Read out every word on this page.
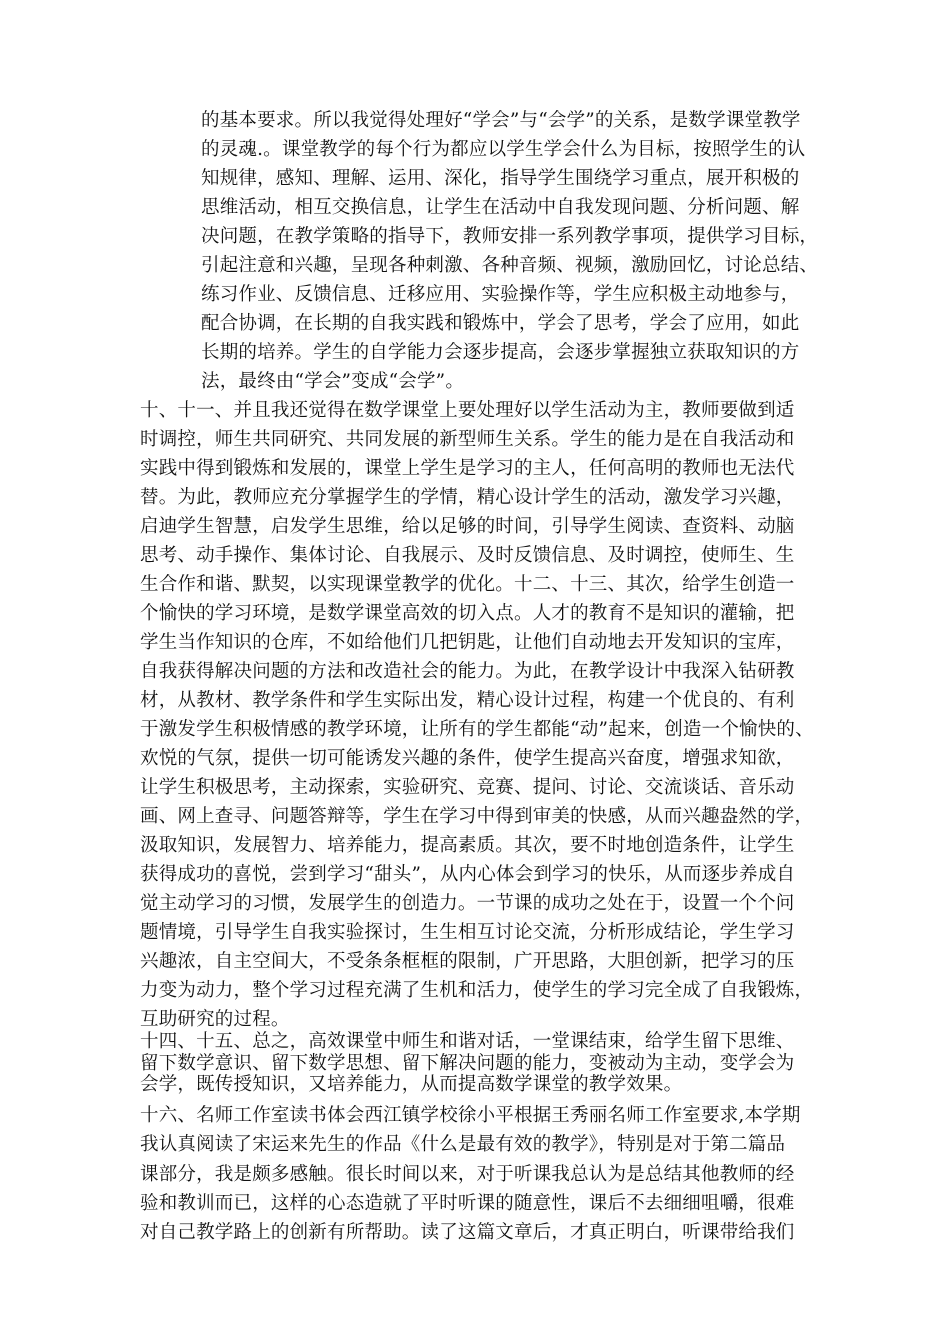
的基本要求。所以我觉得处理好“学会”与“会学”的关系，是数学课堂教学
的灵魂.。课堂教学的每个行为都应以学生学会什么为目标，按照学生的认
知规律，感知、理解、运用、深化，指导学生围绕学习重点，展开积极的
思维活动，相互交换信息，让学生在活动中自我发现问题、分析问题、解
决问题，在教学策略的指导下，教师安排一系列教学事项，提供学习目标，
引起注意和兴趣，呈现各种刺激、各种音频、视频，激励回忆，讨论总结、
练习作业、反馈信息、迁移应用、实验操作等，学生应积极主动地参与，
配合协调，在长期的自我实践和锻炼中，学会了思考，学会了应用，如此
长期的培养。学生的自学能力会逐步提高，会逐步掌握独立获取知识的方
法，最终由“学会”变成“会学”。
十、十一、并且我还觉得在数学课堂上要处理好以学生活动为主，教师要做到适
时调控，师生共同研究、共同发展的新型师生关系。学生的能力是在自我活动和
实践中得到锻炼和发展的，课堂上学生是学习的主人，任何高明的教师也无法代
替。为此，教师应充分掌握学生的学情，精心设计学生的活动，激发学习兴趣，
启迪学生智慧，启发学生思维，给以足够的时间，引导学生阅读、查资料、动脑
思考、动手操作、集体讨论、自我展示、及时反馈信息、及时调控，使师生、生
生合作和谐、默契，以实现课堂教学的优化。十二、十三、其次，给学生创造一
个愉快的学习环境，是数学课堂高效的切入点。人才的教育不是知识的灌输，把
学生当作知识的仓库，不如给他们几把钥匙，让他们自动地去开发知识的宝库，
自我获得解决问题的方法和改造社会的能力。为此，在教学设计中我深入钻研教
材，从教材、教学条件和学生实际出发，精心设计过程，构建一个优良的、有利
于激发学生积极情感的教学环境，让所有的学生都能“动”起来，创造一个愉快的、
欢悦的气氛，提供一切可能诱发兴趣的条件，使学生提高兴奋度，增强求知欲，
让学生积极思考，主动探索，实验研究、竞赛、提问、讨论、交流谈话、音乐动
画、网上查寻、问题答辩等，学生在学习中得到审美的快感，从而兴趣盎然的学，
汲取知识，发展智力、培养能力，提高素质。其次，要不时地创造条件，让学生
获得成功的喜悦，尝到学习“甜头”，从内心体会到学习的快乐，从而逐步养成自
觉主动学习的习惯，发展学生的创造力。一节课的成功之处在于，设置一个个问
题情境，引导学生自我实验探讨，生生相互讨论交流，分析形成结论，学生学习
兴趣浓，自主空间大，不受条条框框的限制，广开思路，大胆创新，把学习的压
力变为动力，整个学习过程充满了生机和活力，使学生的学习完全成了自我锻炼，
互助研究的过程。
十四、十五、总之，高效课堂中师生和谐对话，一堂课结束，给学生留下思维、
留下数学意识、留下数学思想、留下解决问题的能力，变被动为主动，变学会为
会学，既传授知识，又培养能力，从而提高数学课堂的教学效果。
十六、名师工作室读书体会西江镇学校徐小平根据王秀丽名师工作室要求,本学期
我认真阅读了宋运来先生的作品《什么是最有效的教学》，特别是对于第二篇品
课部分，我是颇多感触。很长时间以来，对于听课我总认为是总结其他教师的经
验和教训而已，这样的心态造就了平时听课的随意性，课后不去细细咀嚼，很难
对自己教学路上的创新有所帮助。读了这篇文章后，才真正明白，听课带给我们
